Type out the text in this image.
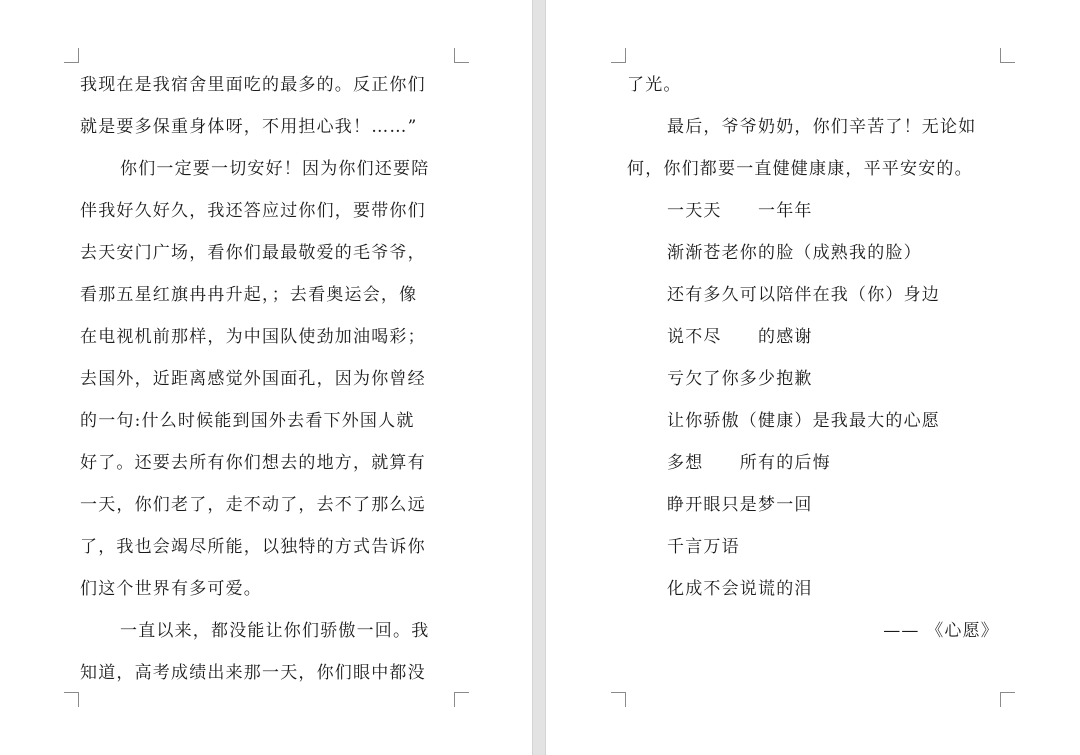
我现在是我宿舍里面吃的最多的。反正你们
就是要多保重身体呀，不用担心我！……”
你们一定要一切安好！因为你们还要陪
伴我好久好久，我还答应过你们，要带你们
去天安门广场，看你们最最敬爱的毛爷爷，
看那五星红旗冉冉升起，；去看奥运会，像
在电视机前那样，为中国队使劲加油喝彩；
去国外，近距离感觉外国面孔，因为你曾经
的一句:什么时候能到国外去看下外国人就
好了。还要去所有你们想去的地方，就算有
一天，你们老了，走不动了，去不了那么远
了，我也会竭尽所能，以独特的方式告诉你
们这个世界有多可爱。
一直以来，都没能让你们骄傲一回。我
知道，高考成绩出来那一天，你们眼中都没
了光。
最后，爷爷奶奶，你们辛苦了！无论如
何，你们都要一直健健康康，平平安安的。
一天天　　一年年
渐渐苍老你的脸（成熟我的脸）
还有多久可以陪伴在我（你）身边
说不尽　　的感谢
亏欠了你多少抱歉
让你骄傲（健康）是我最大的心愿
多想　　所有的后悔
睁开眼只是梦一回
千言万语
化成不会说谎的泪
—— 《心愿》
